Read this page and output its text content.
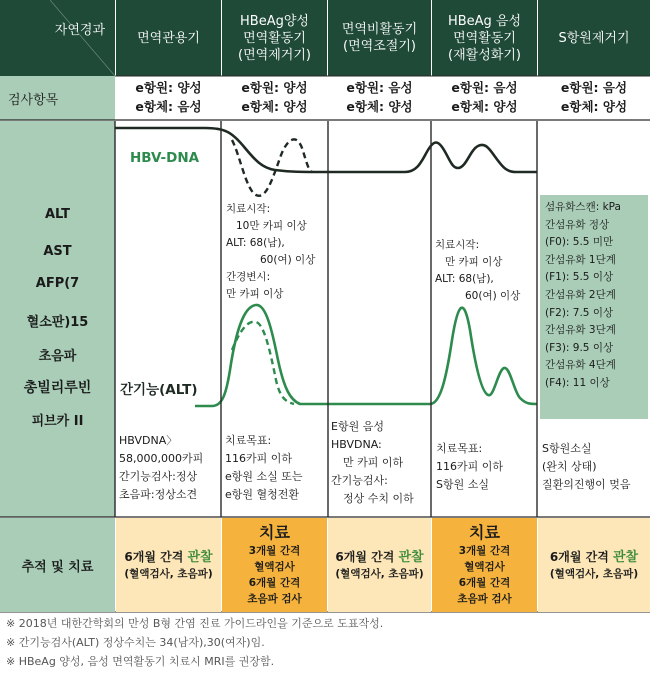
자연경과 면역관용기
HBeAg양성
면역활동기
(면역제거기)
면역비활동기
(면역조절기)
HBeAg 음성
면역활동기
(재활성화기)
S항원제거기
검사항목
e항원: 양성
e항체: 음성
e항원: 양성
e항체: 양성
e항원: 음성
e항체: 양성
e항원: 음성
e항체: 양성
e항원: 음성
e항체: 양성
ALT
AST
AFP(7
혈소판)15
초음파
총빌리루빈
피브카 II
섬유화스캔: kPa
간섬유화 정상
(F0): 5.5 미만
간섬유화 1단계
(F1): 5.5 이상
간섬유화 2단계
(F2): 7.5 이상
간섬유화 3단계
(F3): 9.5 이상
간섬유화 4단계
(F4): 11 이상
HBV-DNA
간기능(ALT)
치료시작:
10만 카피 이상
ALT: 68(남),
60(여) 이상
간경변시:
만 카피 이상
치료시작:
만 카피 이상
ALT: 68(남),
60(여) 이상
HBVDNA〉
58,000,000카피
간기능검사:정상
초음파:정상소견
치료목표:
116카피 이하
e항원 소실 또는
e항원 혈청전환
E항원 음성
HBVDNA:
만 카피 이하
간기능검사:
정상 수치 이하
치료목표:
116카피 이하
S항원 소실
S항원소실
(완치 상태)
질환의진행이 멎음
추적 및 치료
6개월 간격 관찰
(혈액검사, 초음파)
치료
3개월 간격
혈액검사
6개월 간격
초음파 검사
6개월 간격 관찰
(혈액검사, 초음파)
치료
3개월 간격
혈액검사
6개월 간격
초음파 검사
6개월 간격 관찰
(혈액검사, 초음파)
※ 2018년 대한간학회의 만성 B형 간염 진료 가이드라인을 기준으로 도표작성.
※ 간기능검사(ALT) 정상수치는 34(남자),30(여자)임.
※ HBeAg 양성, 음성 면역활동기 치료시 MRI를 권장함.
